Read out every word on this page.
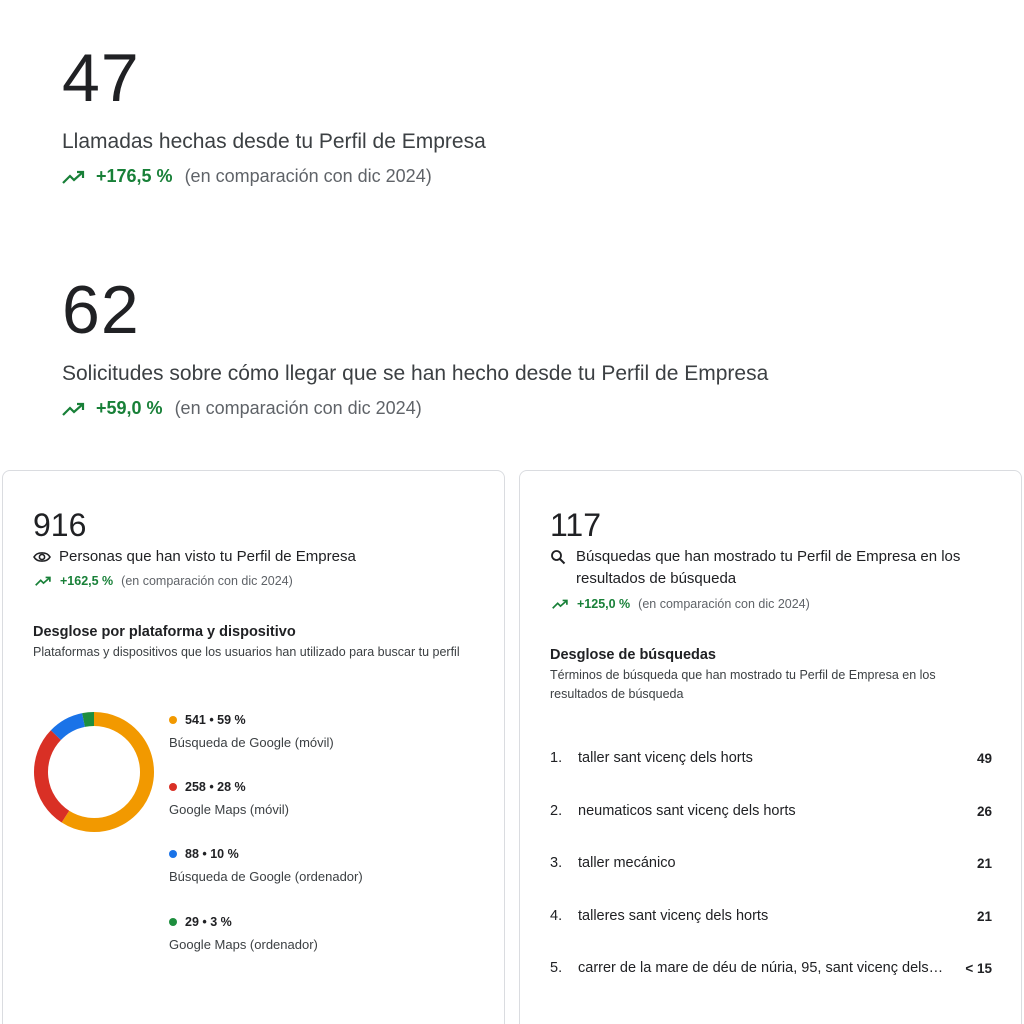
47
Llamadas hechas desde tu Perfil de Empresa
+176,5 % (en comparación con dic 2024)
62
Solicitudes sobre cómo llegar que se han hecho desde tu Perfil de Empresa
+59,0 % (en comparación con dic 2024)
916
Personas que han visto tu Perfil de Empresa
+162,5 % (en comparación con dic 2024)
Desglose por plataforma y dispositivo
Plataformas y dispositivos que los usuarios han utilizado para buscar tu perfil
541 • 59 %
Búsqueda de Google (móvil)
258 • 28 %
Google Maps (móvil)
88 • 10 %
Búsqueda de Google (ordenador)
29 • 3 %
Google Maps (ordenador)
117
Búsquedas que han mostrado tu Perfil de Empresa en los resultados de búsqueda
+125,0 % (en comparación con dic 2024)
Desglose de búsquedas
Términos de búsqueda que han mostrado tu Perfil de Empresa en los resultados de búsqueda
1.	taller sant vicenç dels horts	49
2.	neumaticos sant vicenç dels horts	26
3.	taller mecánico	21
4.	talleres sant vicenç dels horts	21
5.	carrer de la mare de déu de núria, 95, sant vicenç dels…	< 15
